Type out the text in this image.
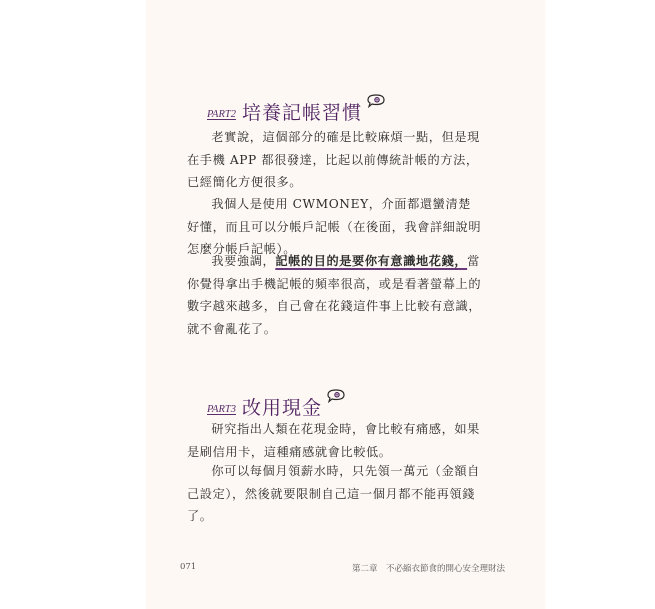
PART2 培養記帳習慣

老實說，這個部分的確是比較麻煩一點，但是現在手機 APP 都很發達，比起以前傳統計帳的方法，已經簡化方便很多。

我個人是使用 CWMONEY，介面都還蠻清楚好懂，而且可以分帳戶記帳（在後面，我會詳細說明怎麼分帳戶記帳）。

我要強調，記帳的目的是要你有意識地花錢，當你覺得拿出手機記帳的頻率很高，或是看著螢幕上的數字越來越多，自己會在花錢這件事上比較有意識，就不會亂花了。

PART3 改用現金

研究指出人類在花現金時，會比較有痛感，如果是刷信用卡，這種痛感就會比較低。

你可以每個月領薪水時，只先領一萬元（金額自己設定），然後就要限制自己這一個月都不能再領錢了。

071	第二章　不必縮衣節食的開心安全理財法
